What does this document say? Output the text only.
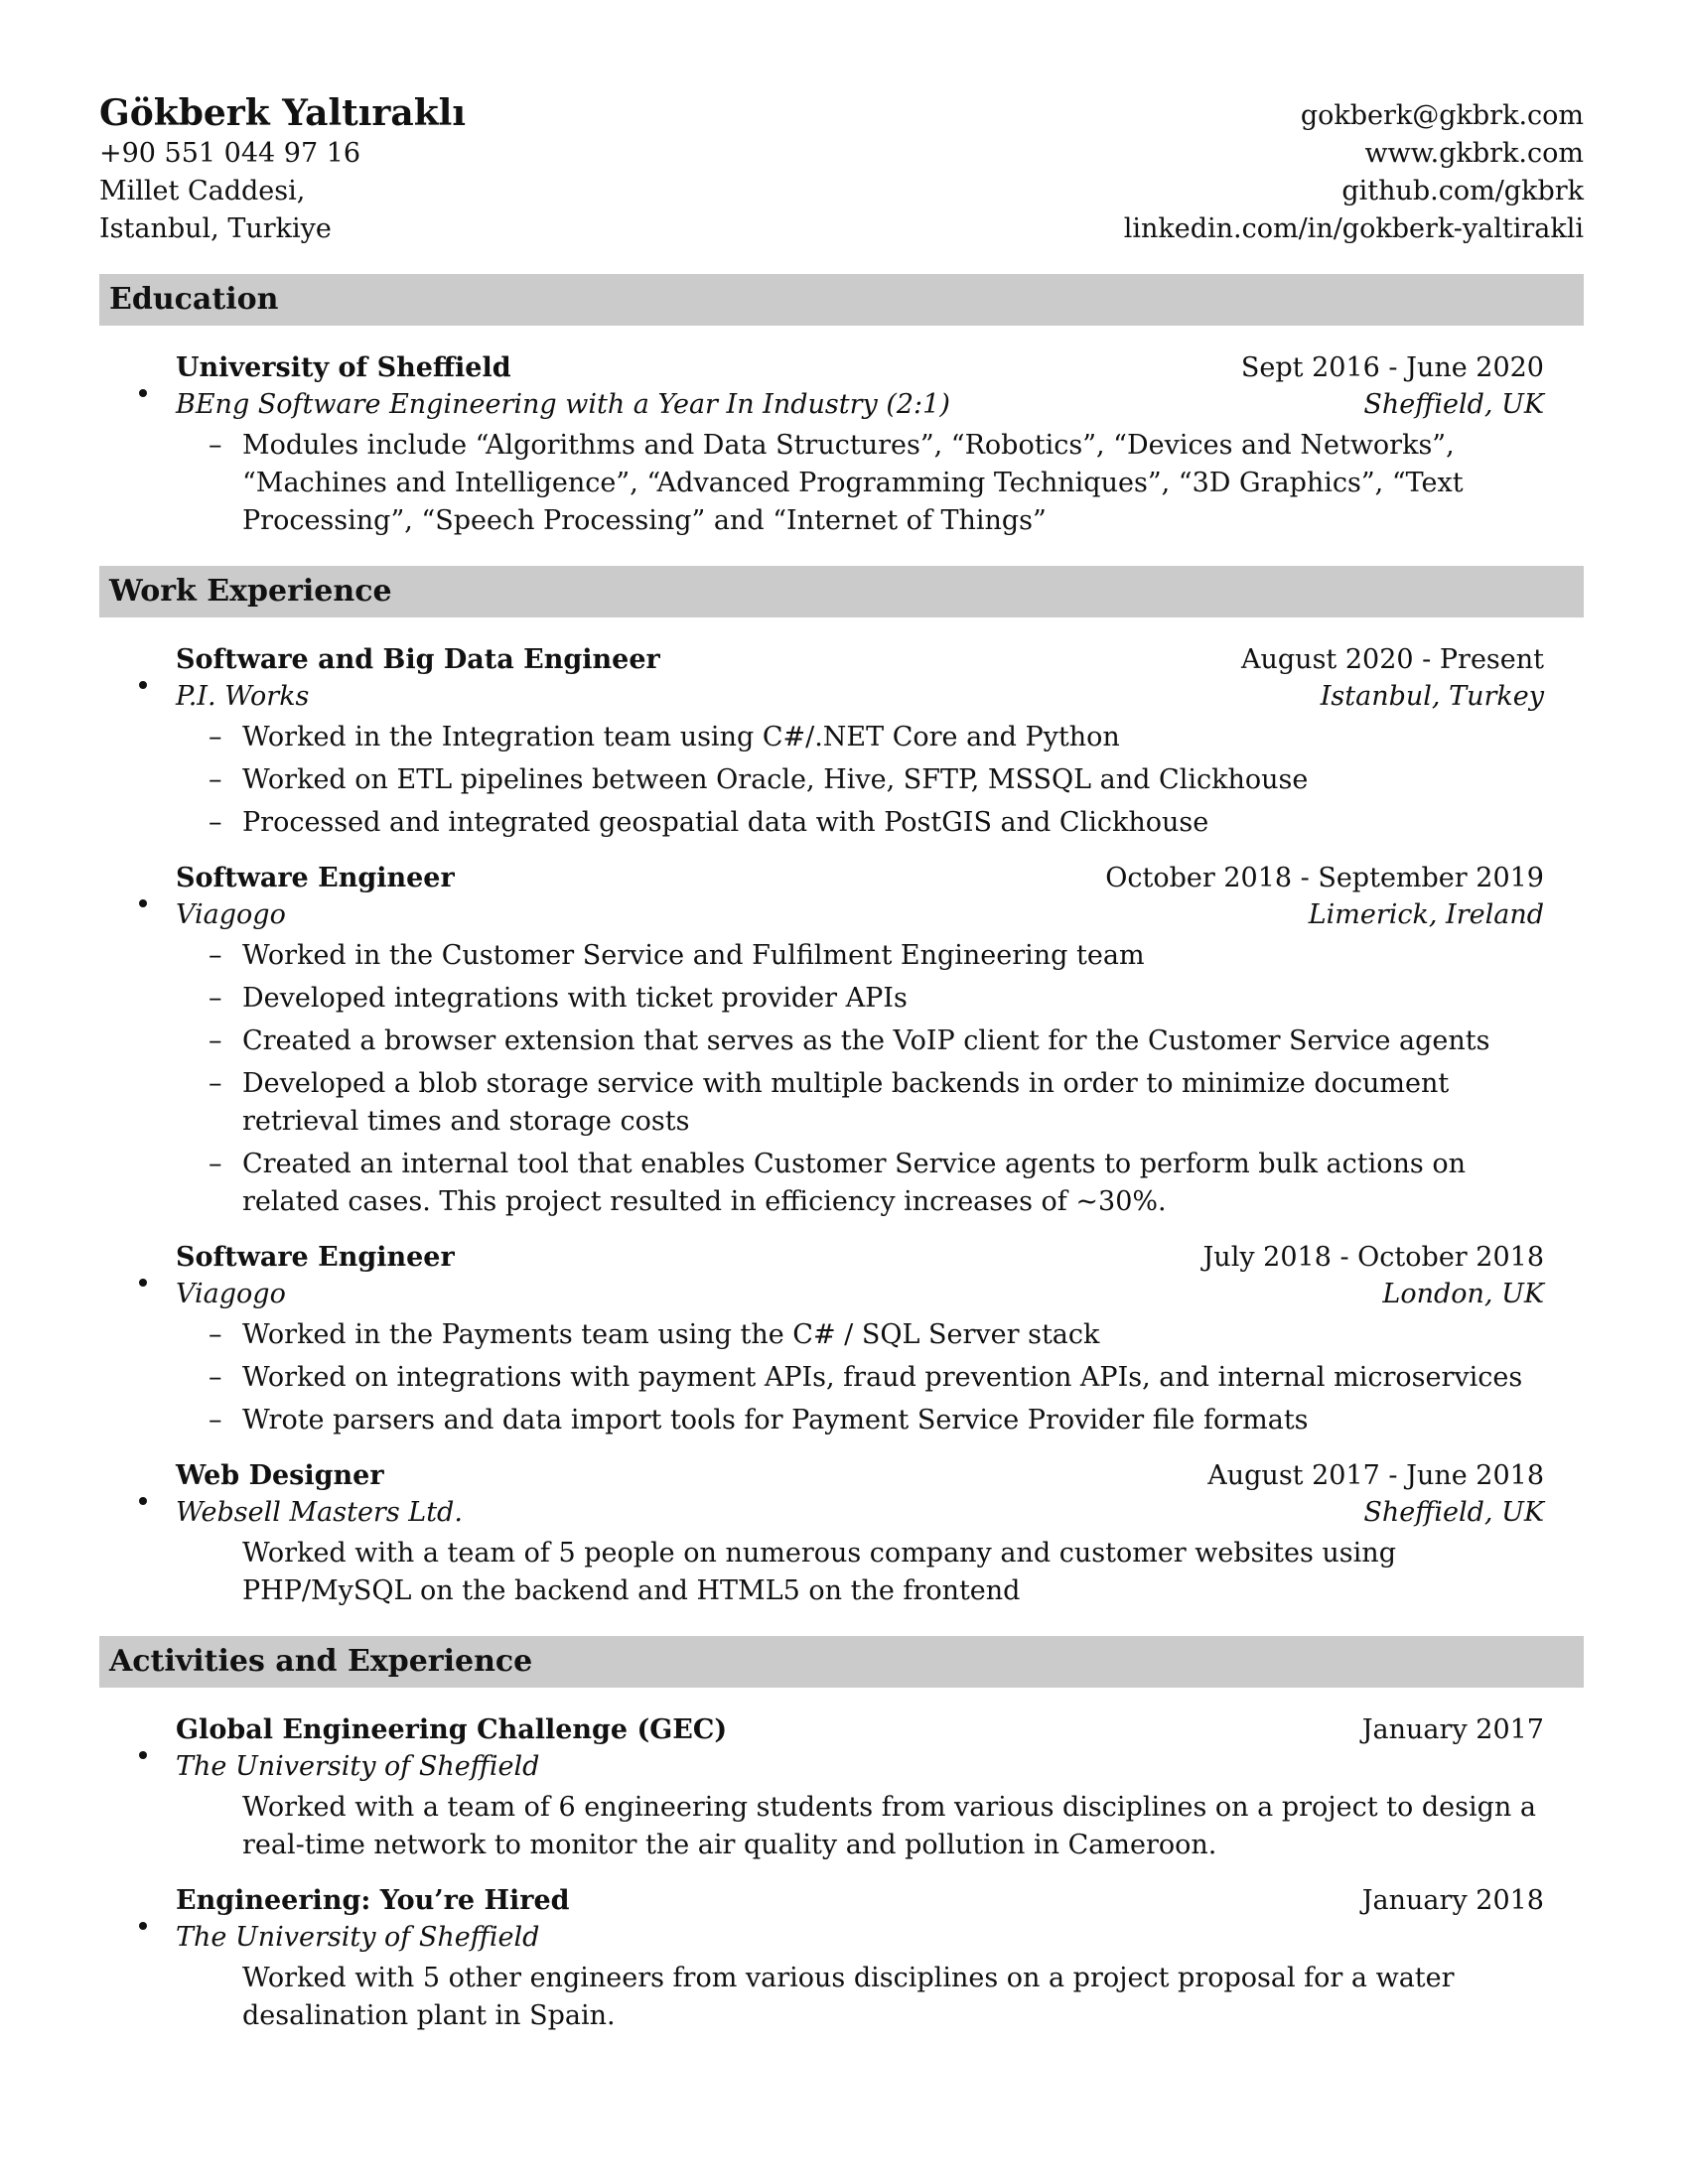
Gökberk Yaltıraklı
+90 551 044 97 16
Millet Caddesi,
Istanbul, Turkiye
gokberk@gkbrk.com
www.gkbrk.com
github.com/gkbrk
linkedin.com/in/gokberk-yaltirakli
Education
University of Sheffield	Sept 2016 - June 2020
BEng Software Engineering with a Year In Industry (2:1)	Sheffield, UK
– Modules include “Algorithms and Data Structures”, “Robotics”, “Devices and Networks”, “Machines and Intelligence”, “Advanced Programming Techniques”, “3D Graphics”, “Text Processing”, “Speech Processing” and “Internet of Things”
Work Experience
Software and Big Data Engineer	August 2020 - Present
P.I. Works	Istanbul, Turkey
– Worked in the Integration team using C#/.NET Core and Python
– Worked on ETL pipelines between Oracle, Hive, SFTP, MSSQL and Clickhouse
– Processed and integrated geospatial data with PostGIS and Clickhouse
Software Engineer	October 2018 - September 2019
Viagogo	Limerick, Ireland
– Worked in the Customer Service and Fulfilment Engineering team
– Developed integrations with ticket provider APIs
– Created a browser extension that serves as the VoIP client for the Customer Service agents
– Developed a blob storage service with multiple backends in order to minimize document retrieval times and storage costs
– Created an internal tool that enables Customer Service agents to perform bulk actions on related cases. This project resulted in efficiency increases of ~30%.
Software Engineer	July 2018 - October 2018
Viagogo	London, UK
– Worked in the Payments team using the C# / SQL Server stack
– Worked on integrations with payment APIs, fraud prevention APIs, and internal microservices
– Wrote parsers and data import tools for Payment Service Provider file formats
Web Designer	August 2017 - June 2018
Websell Masters Ltd.	Sheffield, UK
Worked with a team of 5 people on numerous company and customer websites using PHP/MySQL on the backend and HTML5 on the frontend
Activities and Experience
Global Engineering Challenge (GEC)	January 2017
The University of Sheffield
Worked with a team of 6 engineering students from various disciplines on a project to design a real-time network to monitor the air quality and pollution in Cameroon.
Engineering: You’re Hired	January 2018
The University of Sheffield
Worked with 5 other engineers from various disciplines on a project proposal for a water desalination plant in Spain.
